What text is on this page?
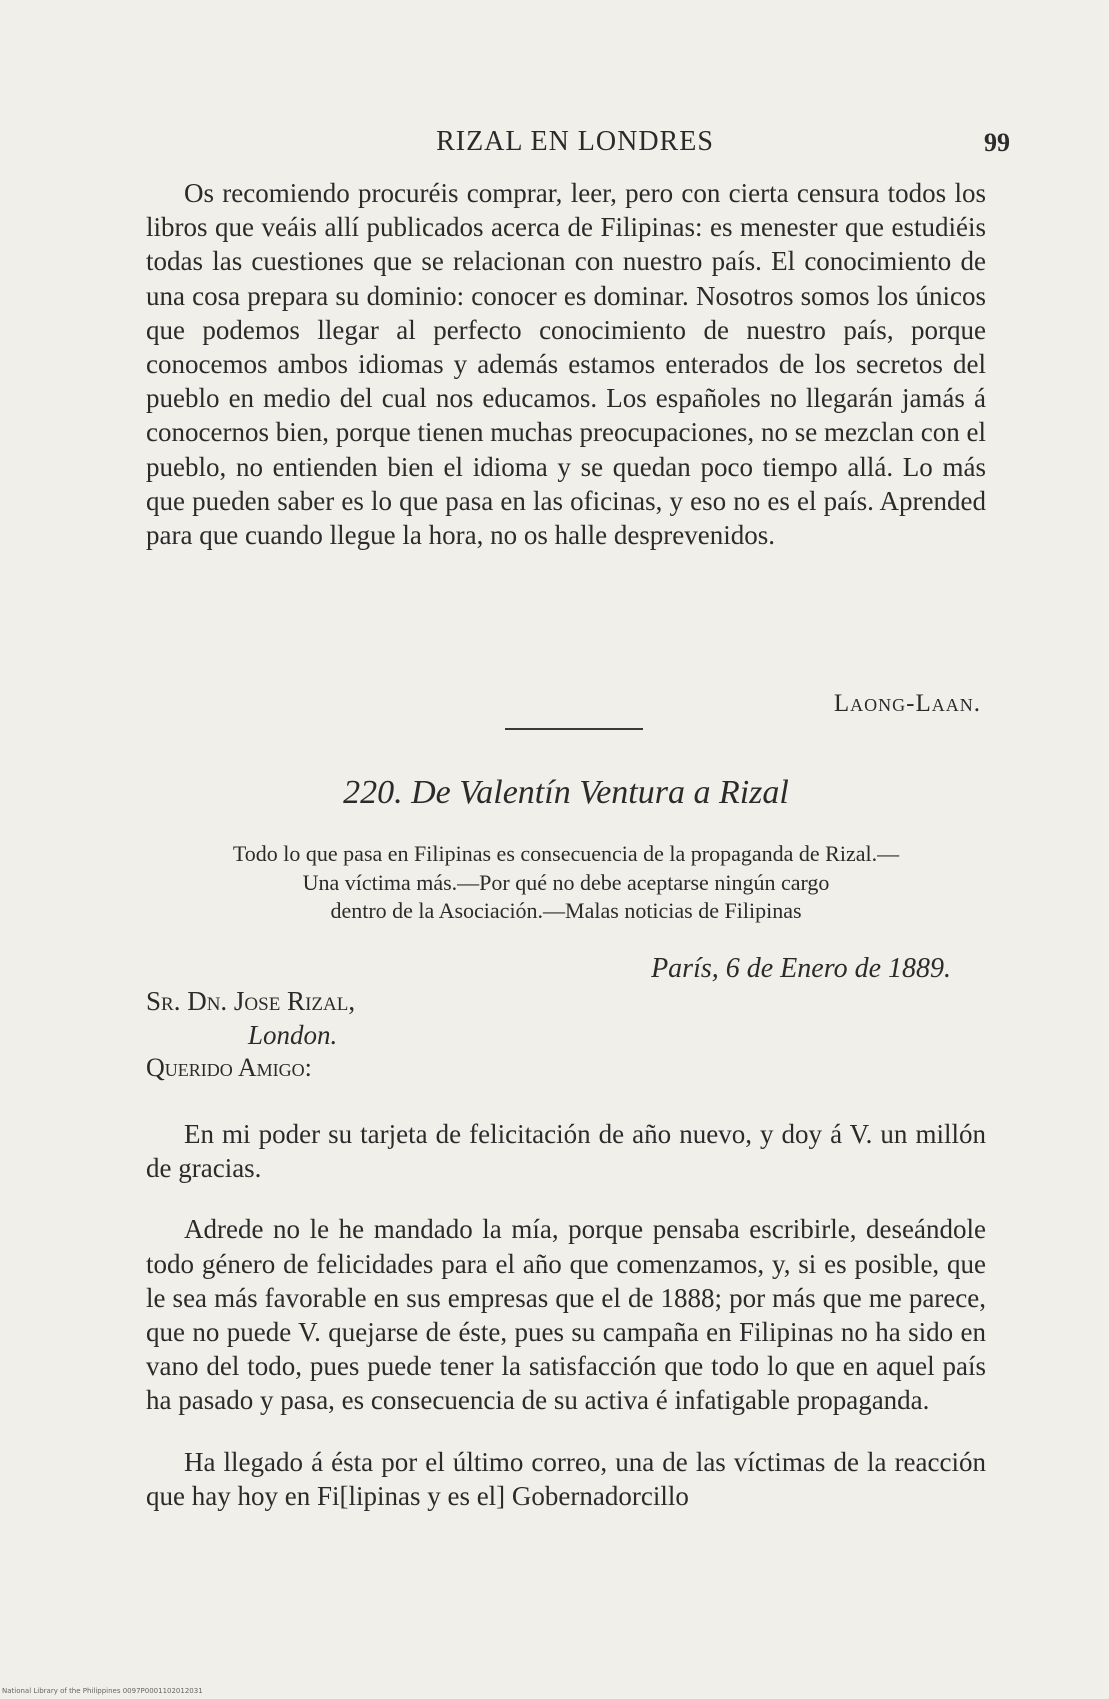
RIZAL EN LONDRES	99

Os recomiendo procuréis comprar, leer, pero con cierta censura todos los libros que veáis allí publicados acerca de Filipinas: es menester que estudiéis todas las cuestiones que se relacionan con nuestro país. El conocimiento de una cosa prepara su dominio: conocer es dominar. Nosotros somos los únicos que podemos llegar al perfecto conocimiento de nuestro país, porque conocemos ambos idiomas y además estamos enterados de los secretos del pueblo en medio del cual nos educamos. Los españoles no llegarán jamás á conocernos bien, porque tienen muchas preocupaciones, no se mezclan con el pueblo, no entienden bien el idioma y se quedan poco tiempo allá. Lo más que pueden saber es lo que pasa en las oficinas, y eso no es el país. Aprended para que cuando llegue la hora, no os halle desprevenidos.

Laong-Laan.
220. De Valentín Ventura a Rizal
Todo lo que pasa en Filipinas es consecuencia de la propaganda de Rizal.—
Una víctima más.—Por qué no debe aceptarse ningún cargo
dentro de la Asociación.—Malas noticias de Filipinas
París, 6 de Enero de 1889.
Sr. Dn. Jose Rizal,
London.
Querido Amigo:

En mi poder su tarjeta de felicitación de año nuevo, y doy á V. un millón de gracias.

Adrede no le he mandado la mía, porque pensaba escribirle, deseándole todo género de felicidades para el año que comenzamos, y, si es posible, que le sea más favorable en sus empresas que el de 1888; por más que me parece, que no puede V. quejarse de éste, pues su campaña en Filipinas no ha sido en vano del todo, pues puede tener la satisfacción que todo lo que en aquel país ha pasado y pasa, es consecuencia de su activa é infatigable propaganda.

Ha llegado á ésta por el último correo, una de las víctimas de la reacción que hay hoy en Fi[lipinas y es el] Gobernadorcillo

National Library of the Philippines 0097P0001102012031
